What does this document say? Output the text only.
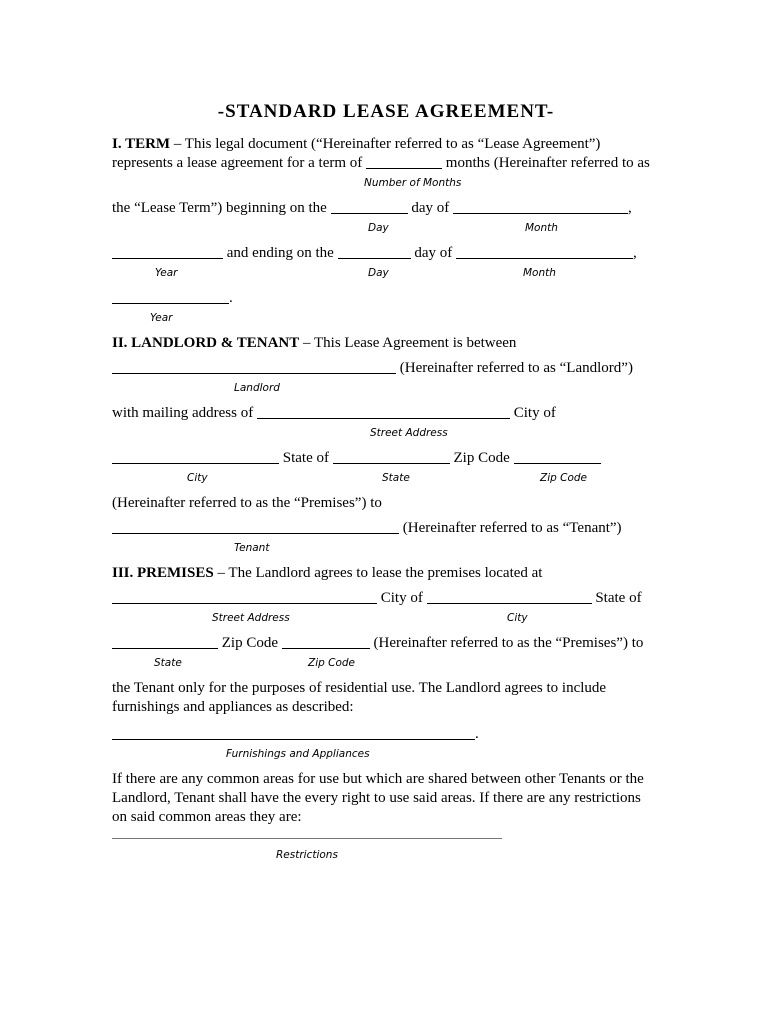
-STANDARD LEASE AGREEMENT-
I. TERM – This legal document (“Hereinafter referred to as “Lease Agreement”)
represents a lease agreement for a term of	months (Hereinafter referred to as
Number of Months
the “Lease Term”) beginning on the	day of	,
Day	Month
and ending on the	day of	,
Year	Day	Month
.
Year
II. LANDLORD & TENANT – This Lease Agreement is between
(Hereinafter referred to as “Landlord”)
Landlord
with mailing address of	City of
Street Address
State of	Zip Code
City	State	Zip Code
(Hereinafter referred to as the “Premises”) to
(Hereinafter referred to as “Tenant”)
Tenant
III. PREMISES – The Landlord agrees to lease the premises located at
City of	State of
Street Address	City
Zip Code	(Hereinafter referred to as the “Premises”) to
State	Zip Code
the Tenant only for the purposes of residential use. The Landlord agrees to include
furnishings and appliances as described:
.
Furnishings and Appliances
If there are any common areas for use but which are shared between other Tenants or the
Landlord, Tenant shall have the every right to use said areas. If there are any restrictions
on said common areas they are:
Restrictions
